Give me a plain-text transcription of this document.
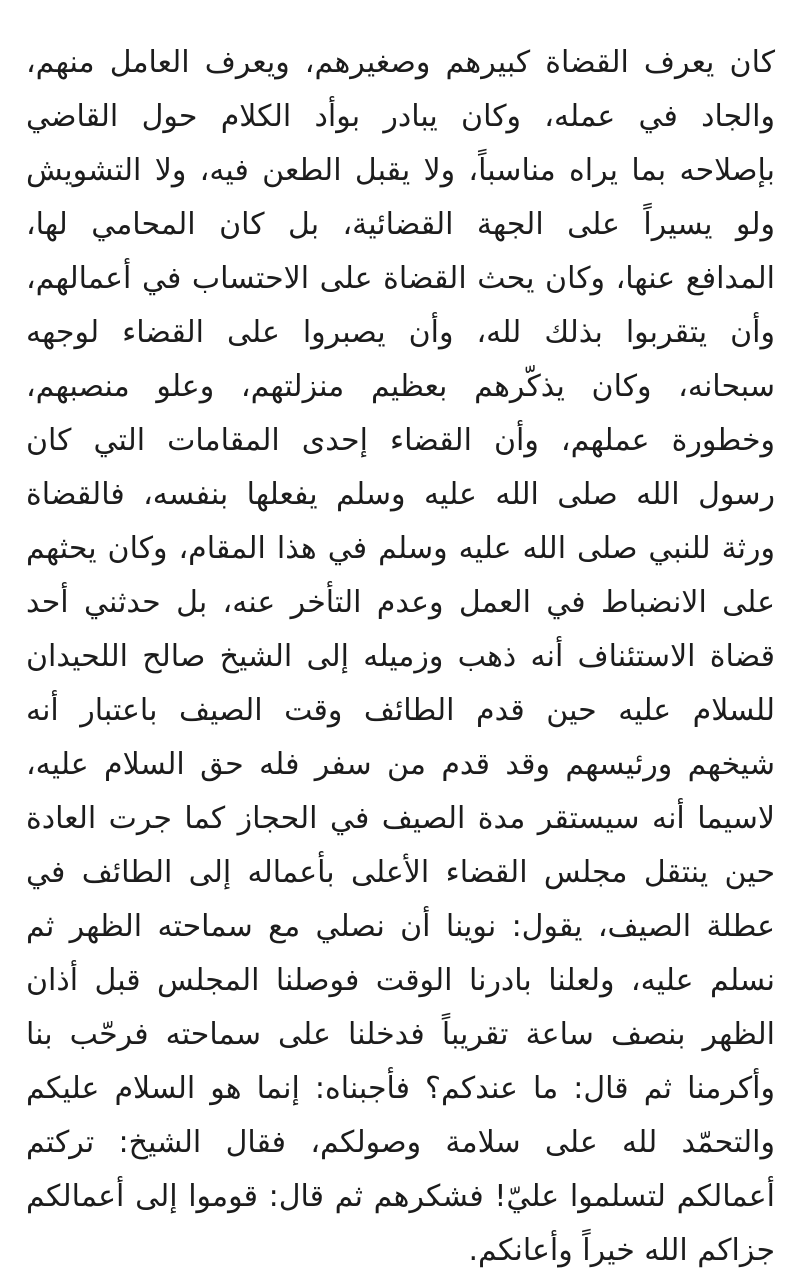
كان يعرف القضاة كبيرهم وصغيرهم، ويعرف العامل منهم،
والجاد في عمله، وكان يبادر بوأد الكلام حول القاضي
بإصلاحه بما يراه مناسباً، ولا يقبل الطعن فيه، ولا التشويش
ولو يسيراً على الجهة القضائية، بل كان المحامي لها،
المدافع عنها، وكان يحث القضاة على الاحتساب في أعمالهم،
وأن يتقربوا بذلك لله، وأن يصبروا على القضاء لوجهه
سبحانه، وكان يذكّرهم بعظيم منزلتهم، وعلو منصبهم،
وخطورة عملهم، وأن القضاء إحدى المقامات التي كان
رسول الله صلى الله عليه وسلم يفعلها بنفسه، فالقضاة
ورثة للنبي صلى الله عليه وسلم في هذا المقام، وكان يحثهم
على الانضباط في العمل وعدم التأخر عنه، بل حدثني أحد
قضاة الاستئناف أنه ذهب وزميله إلى الشيخ صالح اللحيدان
للسلام عليه حين قدم الطائف وقت الصيف باعتبار أنه
شيخهم ورئيسهم وقد قدم من سفر فله حق السلام عليه،
لاسيما أنه سيستقر مدة الصيف في الحجاز كما جرت العادة
حين ينتقل مجلس القضاء الأعلى بأعماله إلى الطائف في
عطلة الصيف، يقول: نوينا أن نصلي مع سماحته الظهر ثم
نسلم عليه، ولعلنا بادرنا الوقت فوصلنا المجلس قبل أذان
الظهر بنصف ساعة تقريباً فدخلنا على سماحته فرحّب بنا
وأكرمنا ثم قال: ما عندكم؟ فأجبناه: إنما هو السلام عليكم
والتحمّد لله على سلامة وصولكم، فقال الشيخ: تركتم
أعمالكم لتسلموا عليّ! فشكرهم ثم قال: قوموا إلى أعمالكم
جزاكم الله خيراً وأعانكم.
